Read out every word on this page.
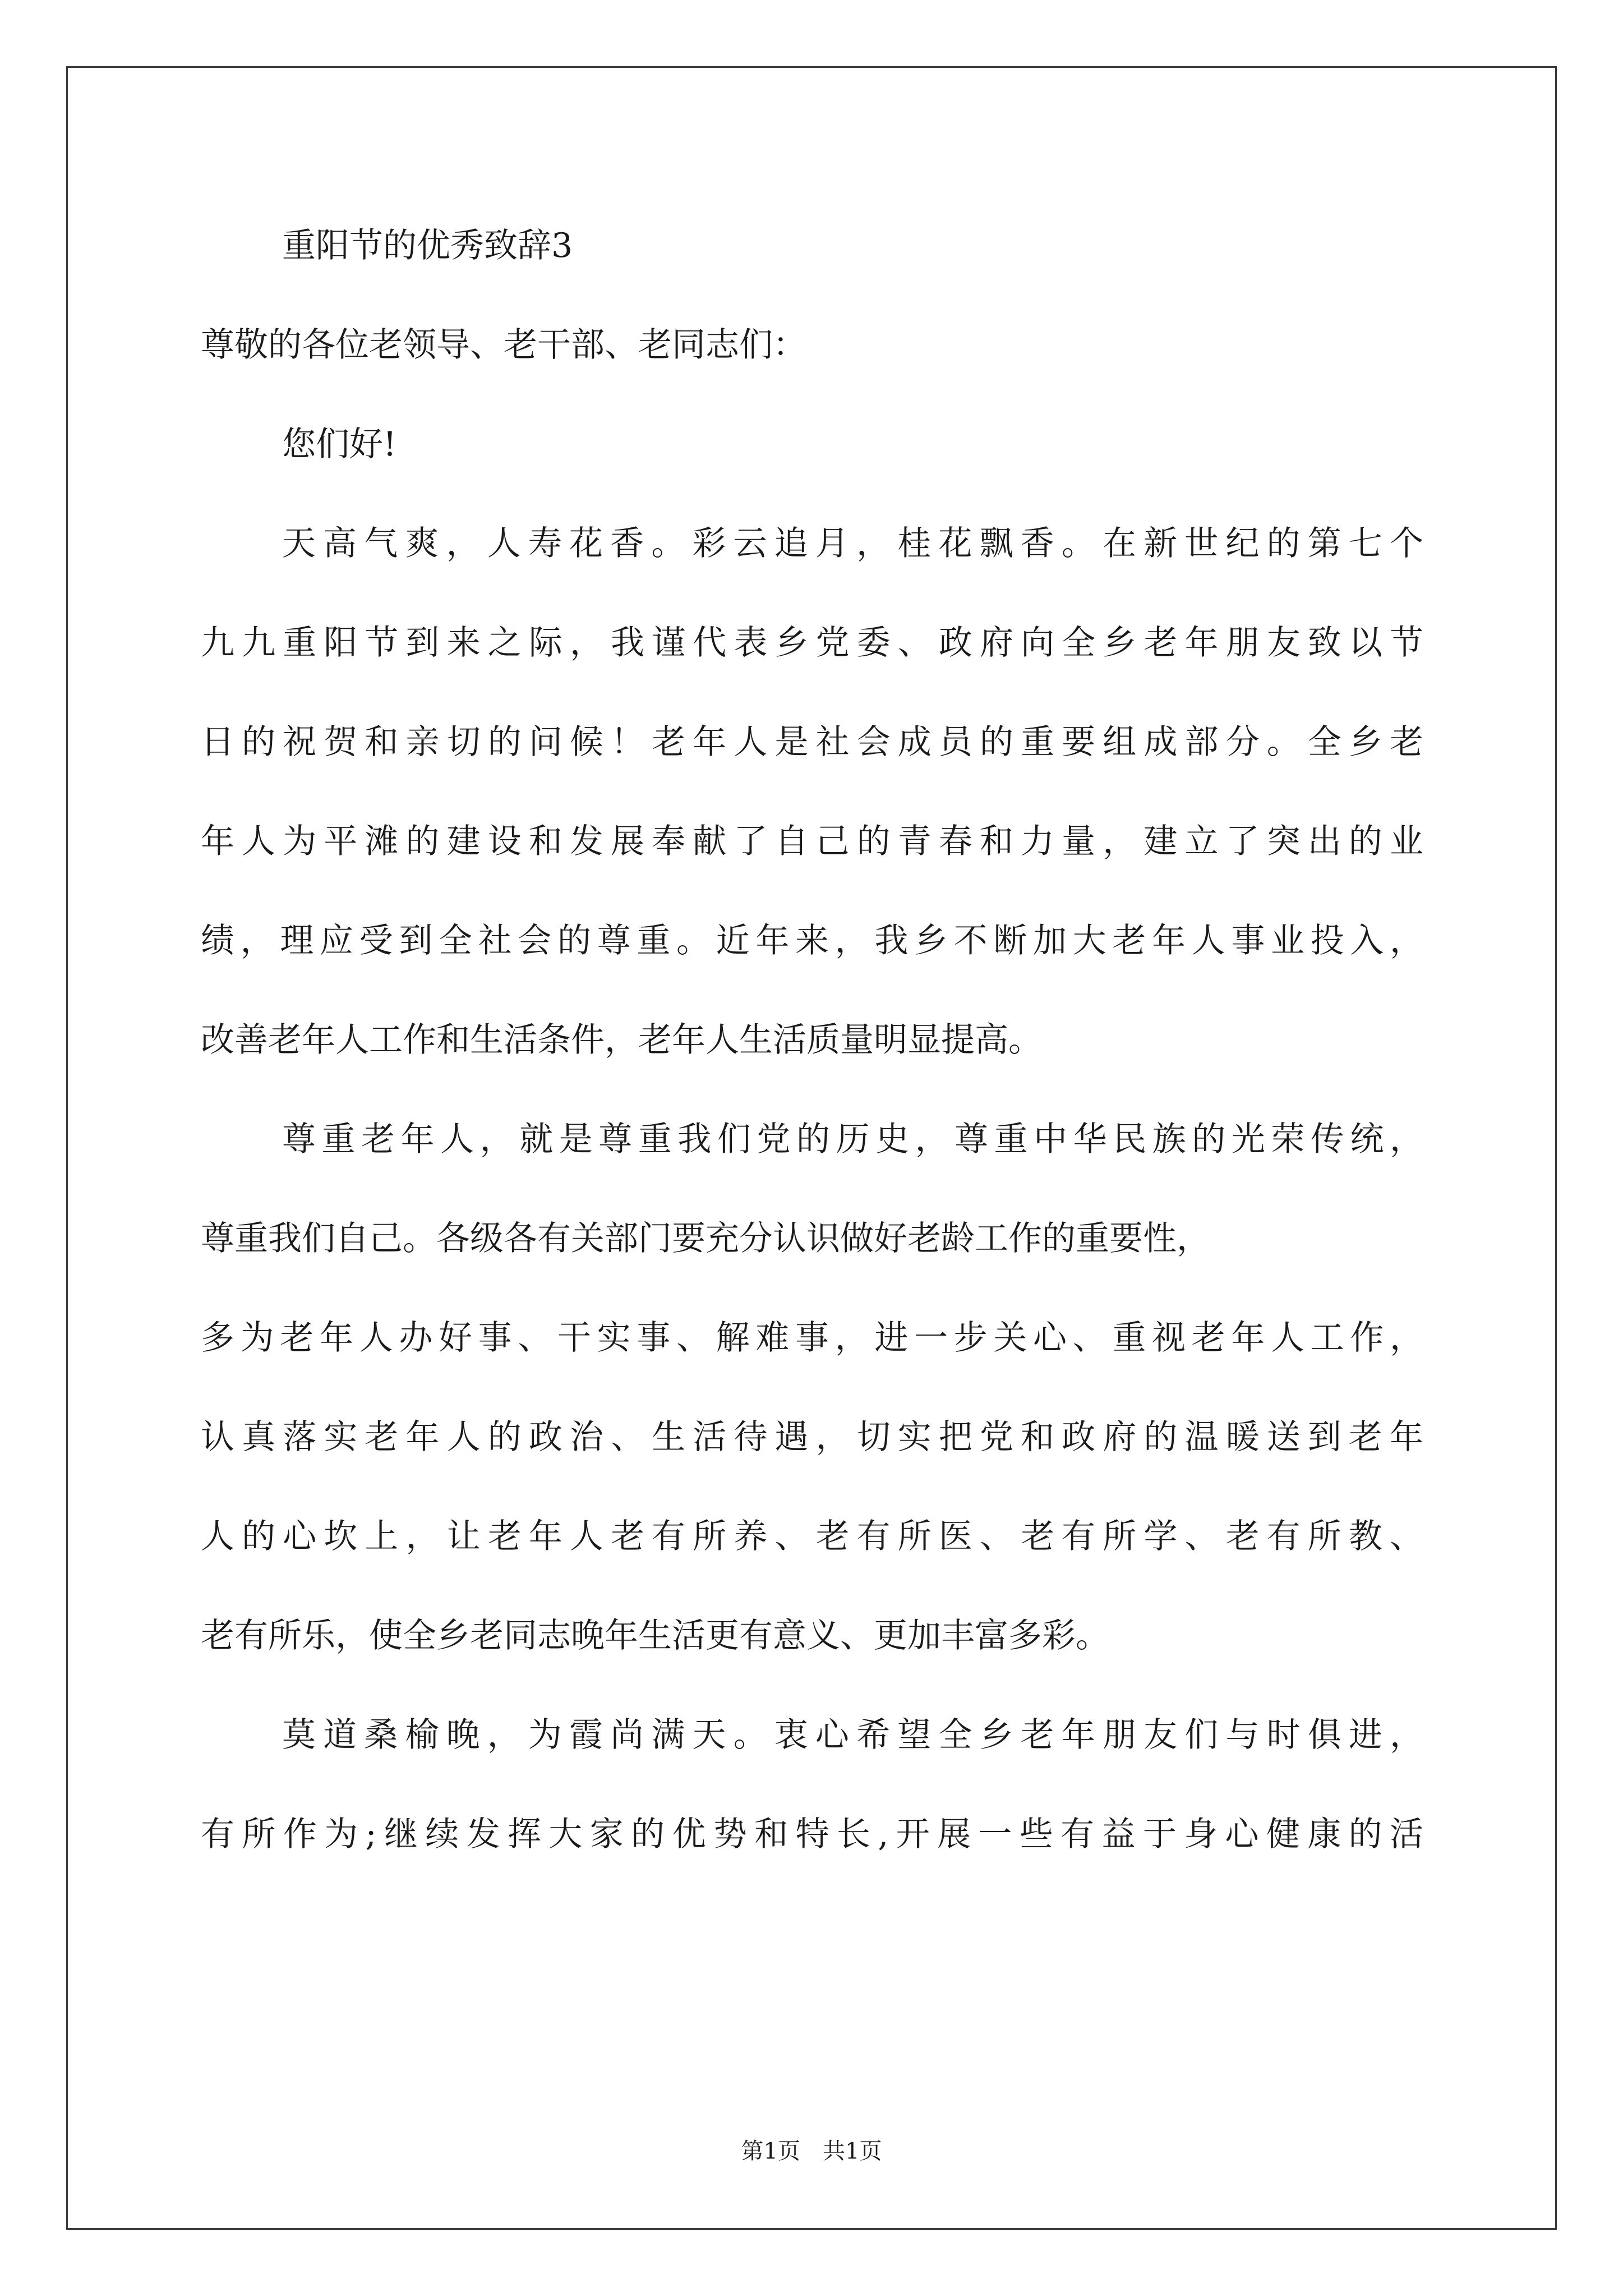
重阳节的优秀致辞3
尊敬的各位老领导、老干部、老同志们：
您们好!
天高气爽，人寿花香。彩云追月，桂花飘香。在新世纪的第七个
九九重阳节到来之际，我谨代表乡党委、政府向全乡老年朋友致以节
日的祝贺和亲切的问候！老年人是社会成员的重要组成部分。全乡老
年人为平滩的建设和发展奉献了自己的青春和力量，建立了突出的业
绩，理应受到全社会的尊重。近年来，我乡不断加大老年人事业投入，
改善老年人工作和生活条件，老年人生活质量明显提高。
尊重老年人，就是尊重我们党的历史，尊重中华民族的光荣传统，
尊重我们自己。各级各有关部门要充分认识做好老龄工作的重要性，
多为老年人办好事、干实事、解难事，进一步关心、重视老年人工作，
认真落实老年人的政治、生活待遇，切实把党和政府的温暖送到老年
人的心坎上，让老年人老有所养、老有所医、老有所学、老有所教、
老有所乐，使全乡老同志晚年生活更有意义、更加丰富多彩。
莫道桑榆晚，为霞尚满天。衷心希望全乡老年朋友们与时俱进，
有所作为;继续发挥大家的优势和特长,开展一些有益于身心健康的活
第1页 共1页
